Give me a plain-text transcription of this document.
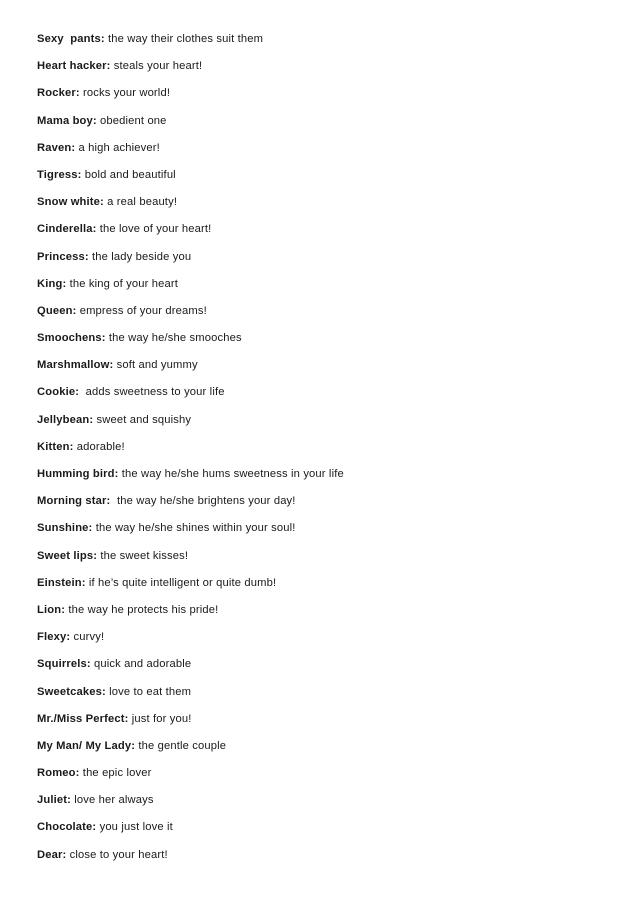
Sexy  pants: the way their clothes suit them
Heart hacker: steals your heart!
Rocker: rocks your world!
Mama boy: obedient one
Raven: a high achiever!
Tigress: bold and beautiful
Snow white: a real beauty!
Cinderella: the love of your heart!
Princess: the lady beside you
King: the king of your heart
Queen: empress of your dreams!
Smoochens: the way he/she smooches
Marshmallow: soft and yummy
Cookie:  adds sweetness to your life
Jellybean: sweet and squishy
Kitten: adorable!
Humming bird: the way he/she hums sweetness in your life
Morning star:  the way he/she brightens your day!
Sunshine: the way he/she shines within your soul!
Sweet lips: the sweet kisses!
Einstein: if he’s quite intelligent or quite dumb!
Lion: the way he protects his pride!
Flexy: curvy!
Squirrels: quick and adorable
Sweetcakes: love to eat them
Mr./Miss Perfect: just for you!
My Man/ My Lady: the gentle couple
Romeo: the epic lover
Juliet: love her always
Chocolate: you just love it
Dear: close to your heart!
